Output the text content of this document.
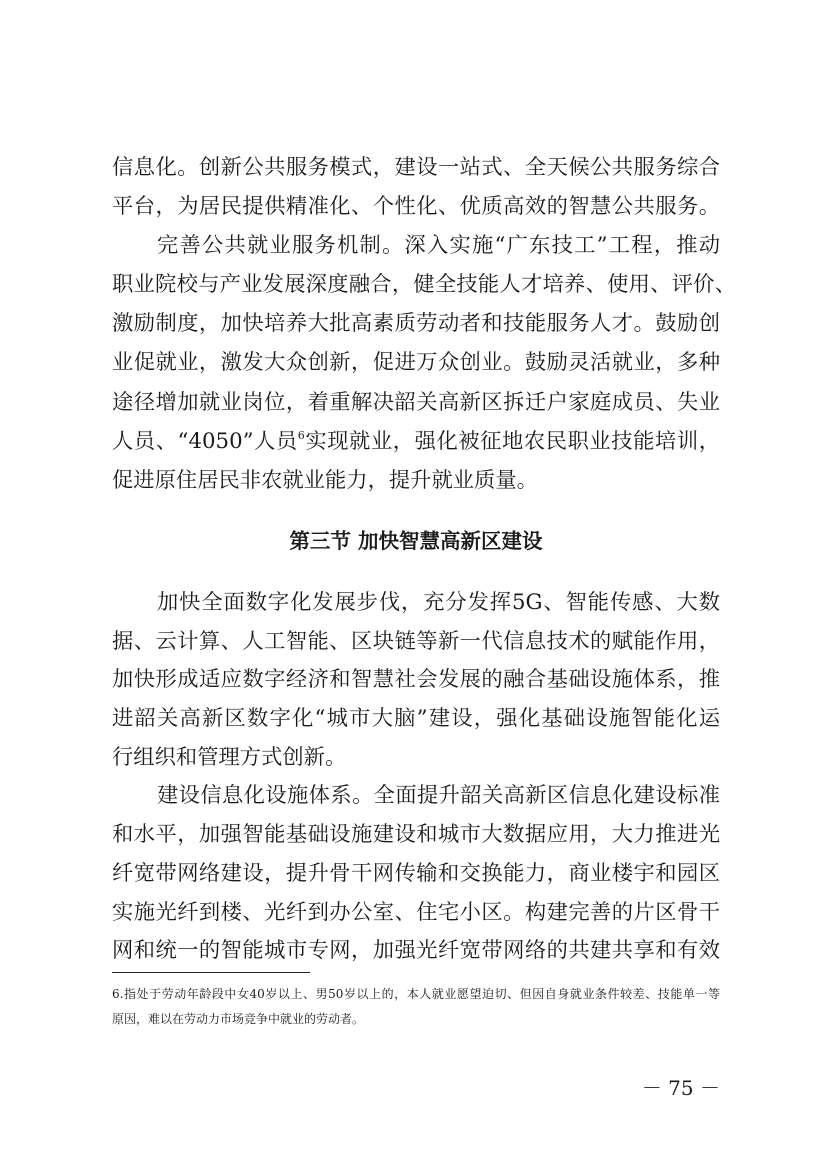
信息化。创新公共服务模式，建设一站式、全天候公共服务综合
平台，为居民提供精准化、个性化、优质高效的智慧公共服务。
完善公共就业服务机制。深入实施“广东技工”工程，推动
职业院校与产业发展深度融合，健全技能人才培养、使用、评价、
激励制度，加快培养大批高素质劳动者和技能服务人才。鼓励创
业促就业，激发大众创新，促进万众创业。鼓励灵活就业，多种
途径增加就业岗位，着重解决韶关高新区拆迁户家庭成员、失业
人员、“4050”人员$^6$实现就业，强化被征地农民职业技能培训，
促进原住居民非农就业能力，提升就业质量。
第三节 加快智慧高新区建设
加快全面数字化发展步伐，充分发挥5G、智能传感、大数
据、云计算、人工智能、区块链等新一代信息技术的赋能作用，
加快形成适应数字经济和智慧社会发展的融合基础设施体系，推
进韶关高新区数字化“城市大脑”建设，强化基础设施智能化运
行组织和管理方式创新。
建设信息化设施体系。全面提升韶关高新区信息化建设标准
和水平，加强智能基础设施建设和城市大数据应用，大力推进光
纤宽带网络建设，提升骨干网传输和交换能力，商业楼宇和园区
实施光纤到楼、光纤到办公室、住宅小区。构建完善的片区骨干
网和统一的智能城市专网，加强光纤宽带网络的共建共享和有效
6.指处于劳动年龄段中女40岁以上、男50岁以上的，本人就业愿望迫切、但因自身就业条件较差、技能单一等
原因，难以在劳动力市场竞争中就业的劳动者。
－ 75 －
